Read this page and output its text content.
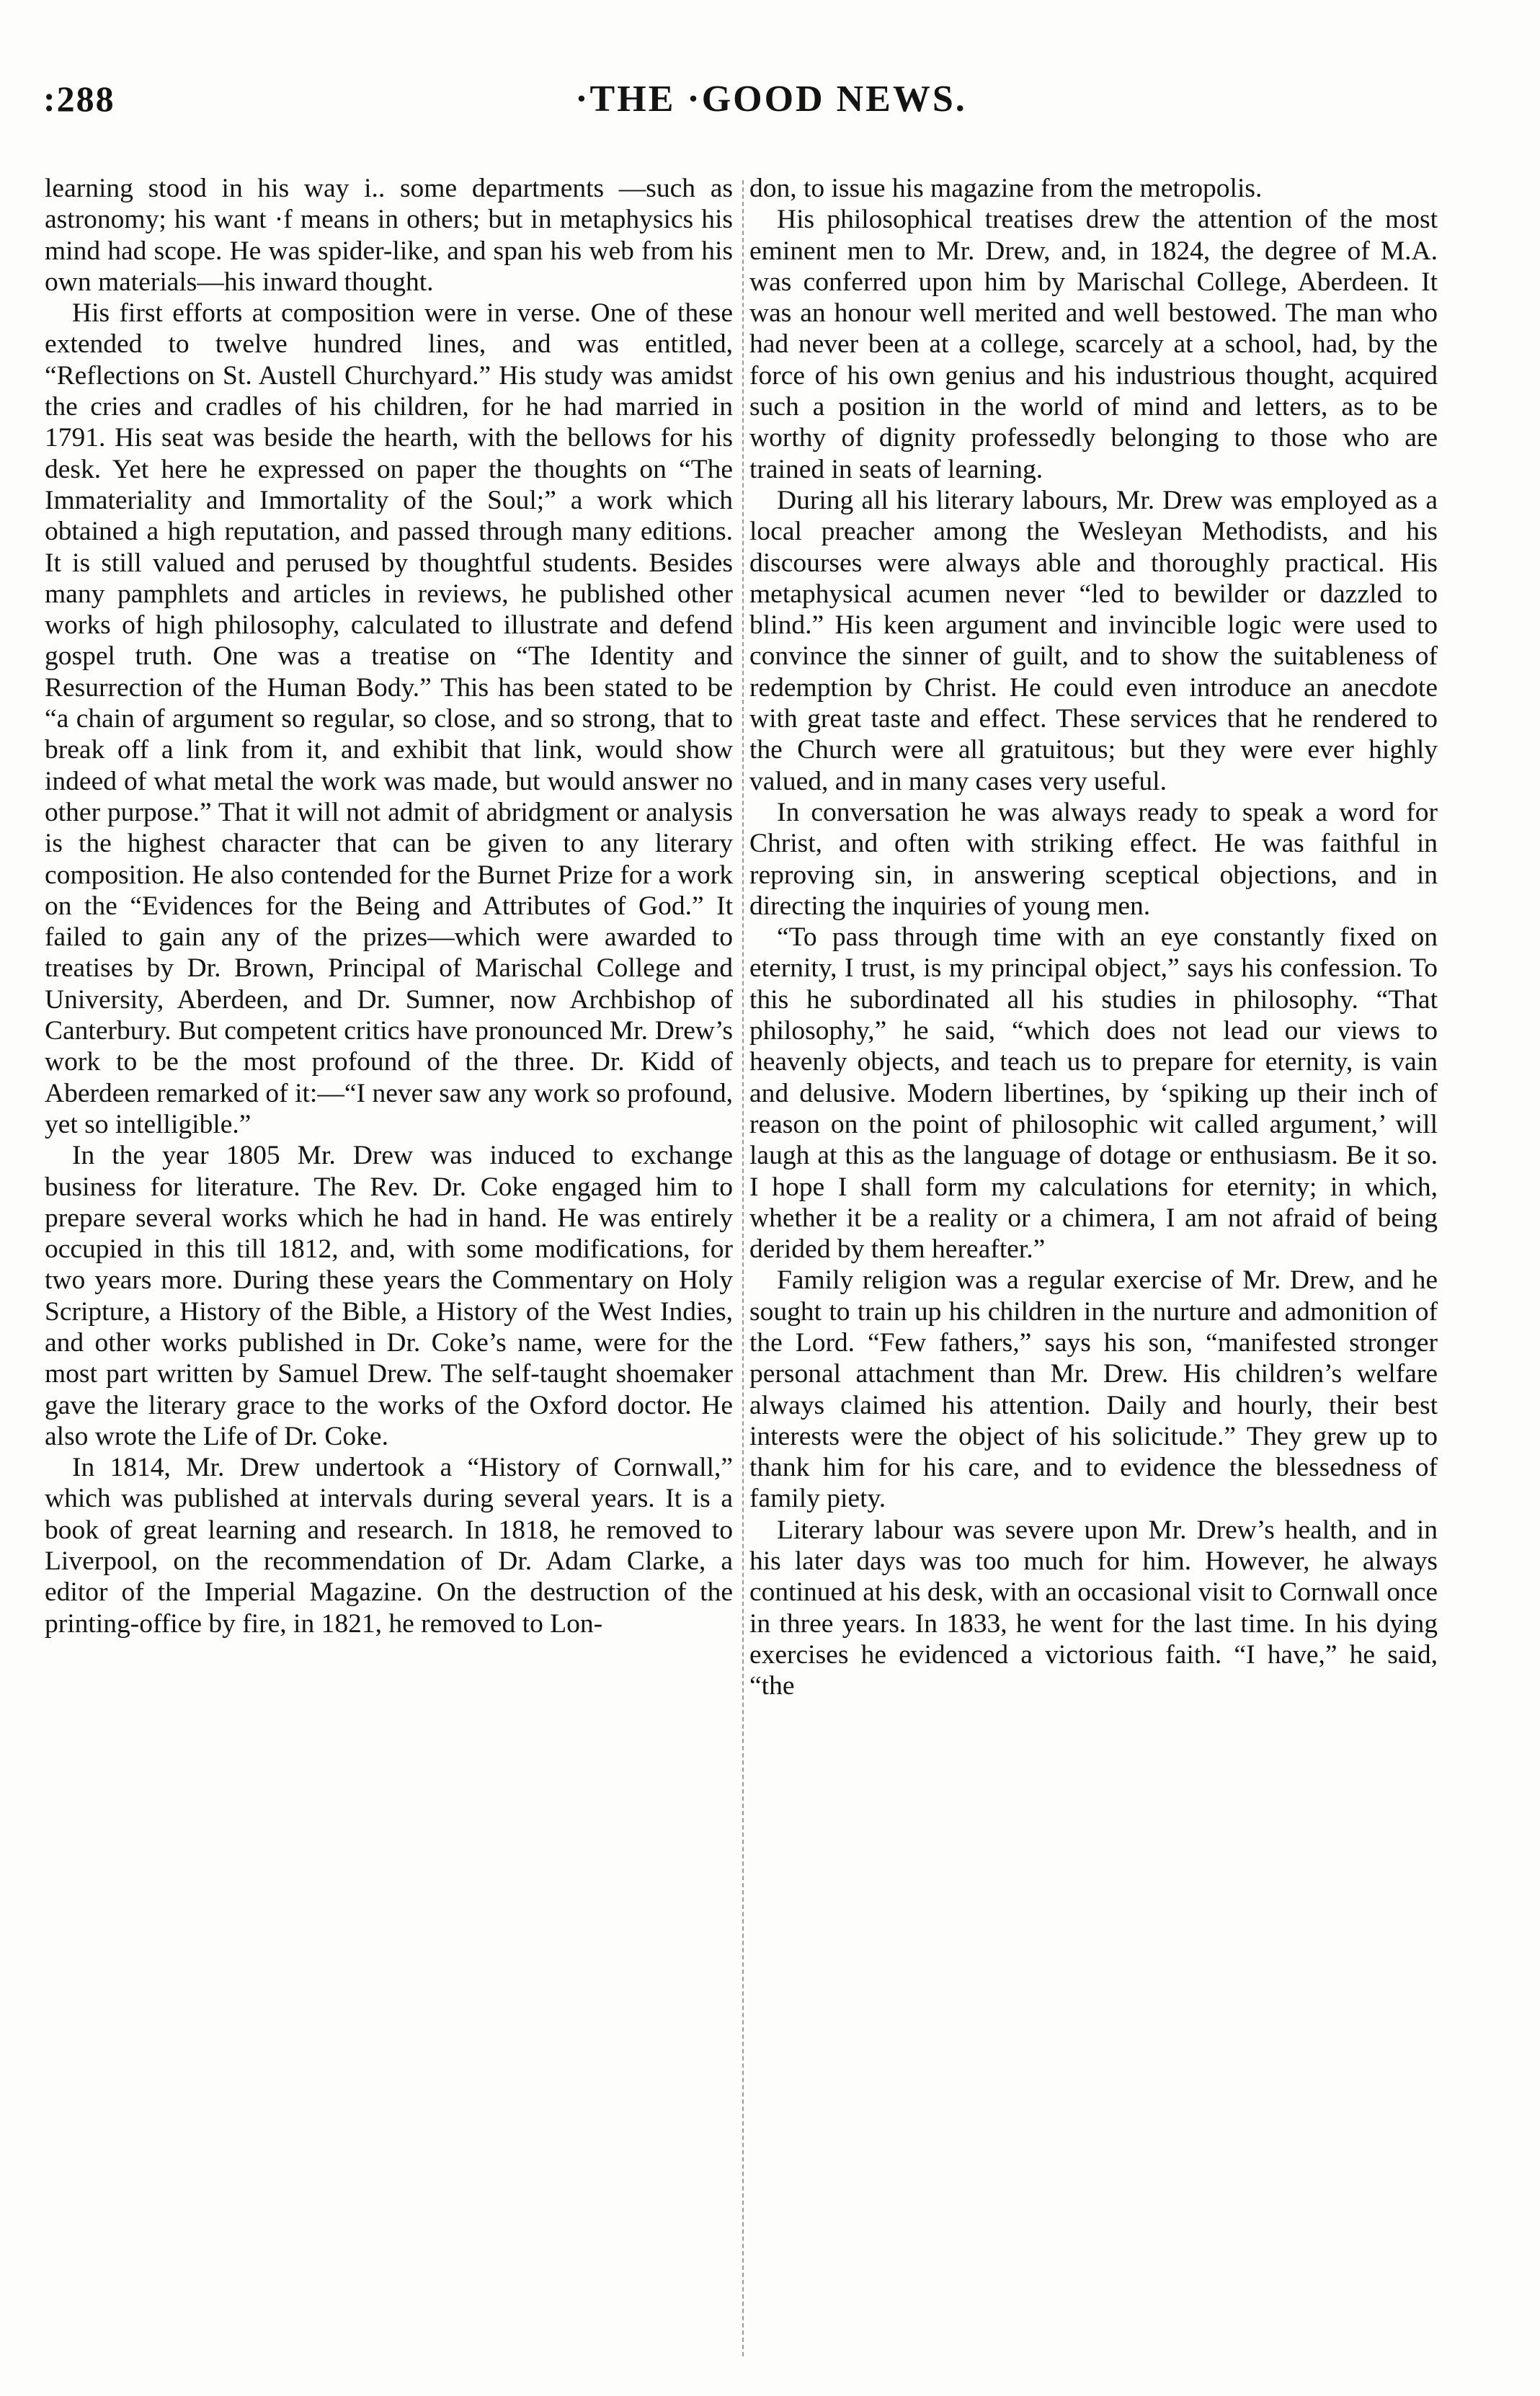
:288	·THE ·GOOD NEWS.

learning stood in his way i.. some departments —such as astronomy; his want ·f means in others; but in metaphysics his mind had scope. He was spider-like, and span his web from his own materials—his inward thought.

His first efforts at composition were in verse. One of these extended to twelve hundred lines, and was entitled, “Reflections on St. Austell Churchyard.” His study was amidst the cries and cradles of his children, for he had married in 1791. His seat was beside the hearth, with the bellows for his desk. Yet here he expressed on paper the thoughts on “The Immateriality and Immortality of the Soul;” a work which obtained a high reputation, and passed through many editions. It is still valued and perused by thoughtful students. Besides many pamphlets and articles in reviews, he published other works of high philosophy, calculated to illustrate and defend gospel truth. One was a treatise on “The Identity and Resurrection of the Human Body.” This has been stated to be “a chain of argument so regular, so close, and so strong, that to break off a link from it, and exhibit that link, would show indeed of what metal the work was made, but would answer no other purpose.” That it will not admit of abridgment or analysis is the highest character that can be given to any literary composition. He also contended for the Burnet Prize for a work on the “Evidences for the Being and Attributes of God.” It failed to gain any of the prizes—which were awarded to treatises by Dr. Brown, Principal of Marischal College and University, Aberdeen, and Dr. Sumner, now Archbishop of Canterbury. But competent critics have pronounced Mr. Drew’s work to be the most profound of the three. Dr. Kidd of Aberdeen remarked of it:—“I never saw any work so profound, yet so intelligible.”

In the year 1805 Mr. Drew was induced to exchange business for literature. The Rev. Dr. Coke engaged him to prepare several works which he had in hand. He was entirely occupied in this till 1812, and, with some modifications, for two years more. During these years the Commentary on Holy Scripture, a History of the Bible, a History of the West Indies, and other works published in Dr. Coke’s name, were for the most part written by Samuel Drew. The self-taught shoemaker gave the literary grace to the works of the Oxford doctor. He also wrote the Life of Dr. Coke.

In 1814, Mr. Drew undertook a “History of Cornwall,” which was published at intervals during several years. It is a book of great learning and research. In 1818, he removed to Liverpool, on the recommendation of Dr. Adam Clarke, a editor of the Imperial Magazine. On the destruction of the printing-office by fire, in 1821, he removed to Lon-

don, to issue his magazine from the metropolis.

His philosophical treatises drew the attention of the most eminent men to Mr. Drew, and, in 1824, the degree of M.A. was conferred upon him by Marischal College, Aberdeen. It was an honour well merited and well bestowed. The man who had never been at a college, scarcely at a school, had, by the force of his own genius and his industrious thought, acquired such a position in the world of mind and letters, as to be worthy of dignity professedly belonging to those who are trained in seats of learning.

During all his literary labours, Mr. Drew was employed as a local preacher among the Wesleyan Methodists, and his discourses were always able and thoroughly practical. His metaphysical acumen never “led to bewilder or dazzled to blind.” His keen argument and invincible logic were used to convince the sinner of guilt, and to show the suitableness of redemption by Christ. He could even introduce an anecdote with great taste and effect. These services that he rendered to the Church were all gratuitous; but they were ever highly valued, and in many cases very useful.

In conversation he was always ready to speak a word for Christ, and often with striking effect. He was faithful in reproving sin, in answering sceptical objections, and in directing the inquiries of young men.

“To pass through time with an eye constantly fixed on eternity, I trust, is my principal object,” says his confession. To this he subordinated all his studies in philosophy. “That philosophy,” he said, “which does not lead our views to heavenly objects, and teach us to prepare for eternity, is vain and delusive. Modern libertines, by ‘spiking up their inch of reason on the point of philosophic wit called argument,’ will laugh at this as the language of dotage or enthusiasm. Be it so. I hope I shall form my calculations for eternity; in which, whether it be a reality or a chimera, I am not afraid of being derided by them hereafter.”

Family religion was a regular exercise of Mr. Drew, and he sought to train up his children in the nurture and admonition of the Lord. “Few fathers,” says his son, “manifested stronger personal attachment than Mr. Drew. His children’s welfare always claimed his attention. Daily and hourly, their best interests were the object of his solicitude.” They grew up to thank him for his care, and to evidence the blessedness of family piety.

Literary labour was severe upon Mr. Drew’s health, and in his later days was too much for him. However, he always continued at his desk, with an occasional visit to Cornwall once in three years. In 1833, he went for the last time. In his dying exercises he evidenced a victorious faith. “I have,” he said, “the
